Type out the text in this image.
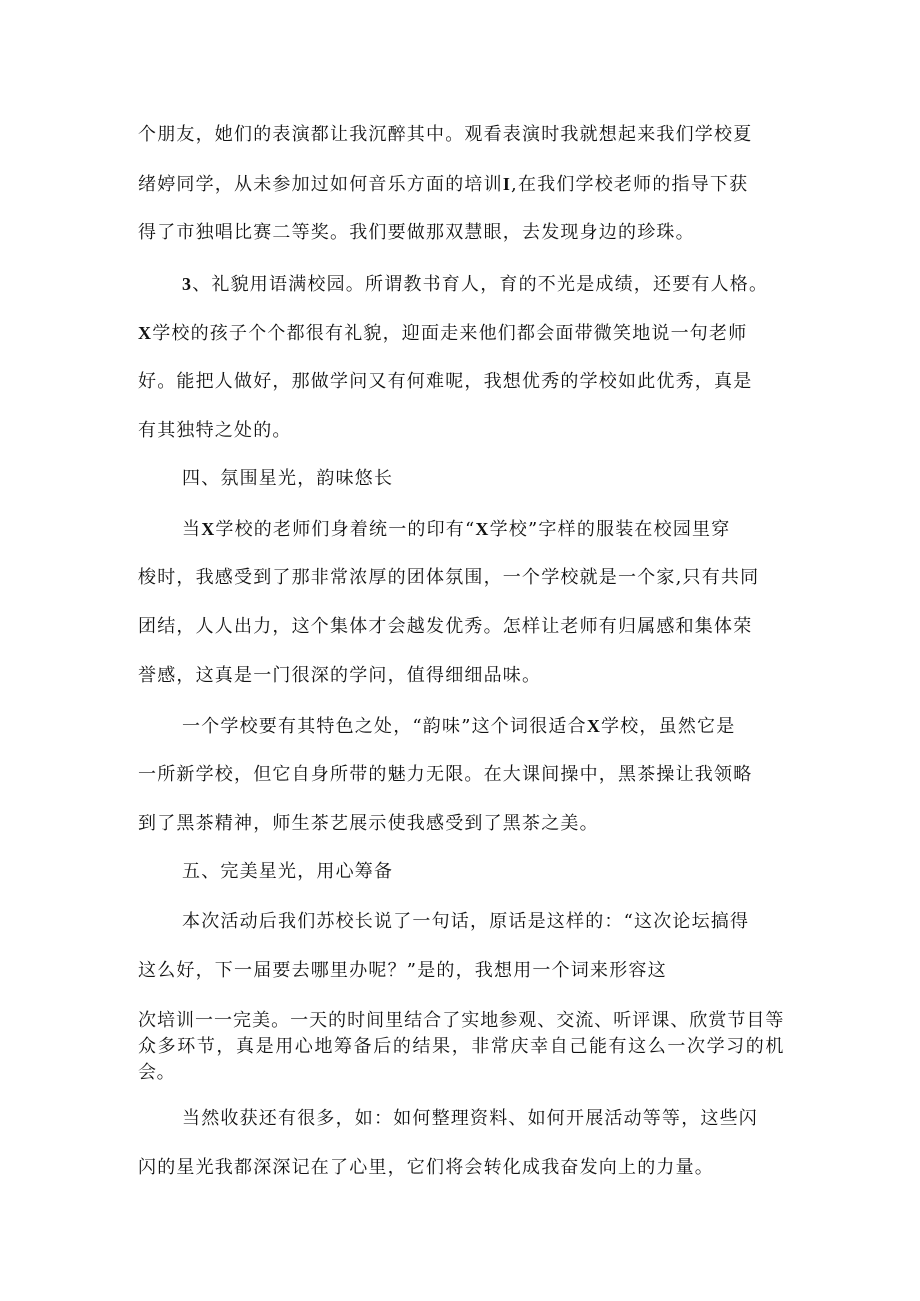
个朋友，她们的表演都让我沉醉其中。观看表演时我就想起来我们学校夏
绪婷同学，从未参加过如何音乐方面的培训I,在我们学校老师的指导下获
得了市独唱比赛二等奖。我们要做那双慧眼，去发现身边的珍珠。
3、礼貌用语满校园。所谓教书育人，育的不光是成绩，还要有人格。
X学校的孩子个个都很有礼貌，迎面走来他们都会面带微笑地说一句老师
好。能把人做好，那做学问又有何难呢，我想优秀的学校如此优秀，真是
有其独特之处的。
四、氛围星光，韵味悠长
当X学校的老师们身着统一的印有“X学校”字样的服装在校园里穿
梭时，我感受到了那非常浓厚的团体氛围，一个学校就是一个家,只有共同
团结，人人出力，这个集体才会越发优秀。怎样让老师有归属感和集体荣
誉感，这真是一门很深的学问，值得细细品味。
一个学校要有其特色之处，“韵味”这个词很适合X学校，虽然它是
一所新学校，但它自身所带的魅力无限。在大课间操中，黑茶操让我领略
到了黑茶精神，师生茶艺展示使我感受到了黑茶之美。
五、完美星光，用心筹备
本次活动后我们苏校长说了一句话，原话是这样的：“这次论坛搞得
这么好，下一届要去哪里办呢？”是的，我想用一个词来形容这
次培训一一完美。一天的时间里结合了实地参观、交流、听评课、欣赏节目等众多环节，真是用心地筹备后的结果，非常庆幸自己能有这么一次学习的机会。
当然收获还有很多，如：如何整理资料、如何开展活动等等，这些闪
闪的星光我都深深记在了心里，它们将会转化成我奋发向上的力量。
